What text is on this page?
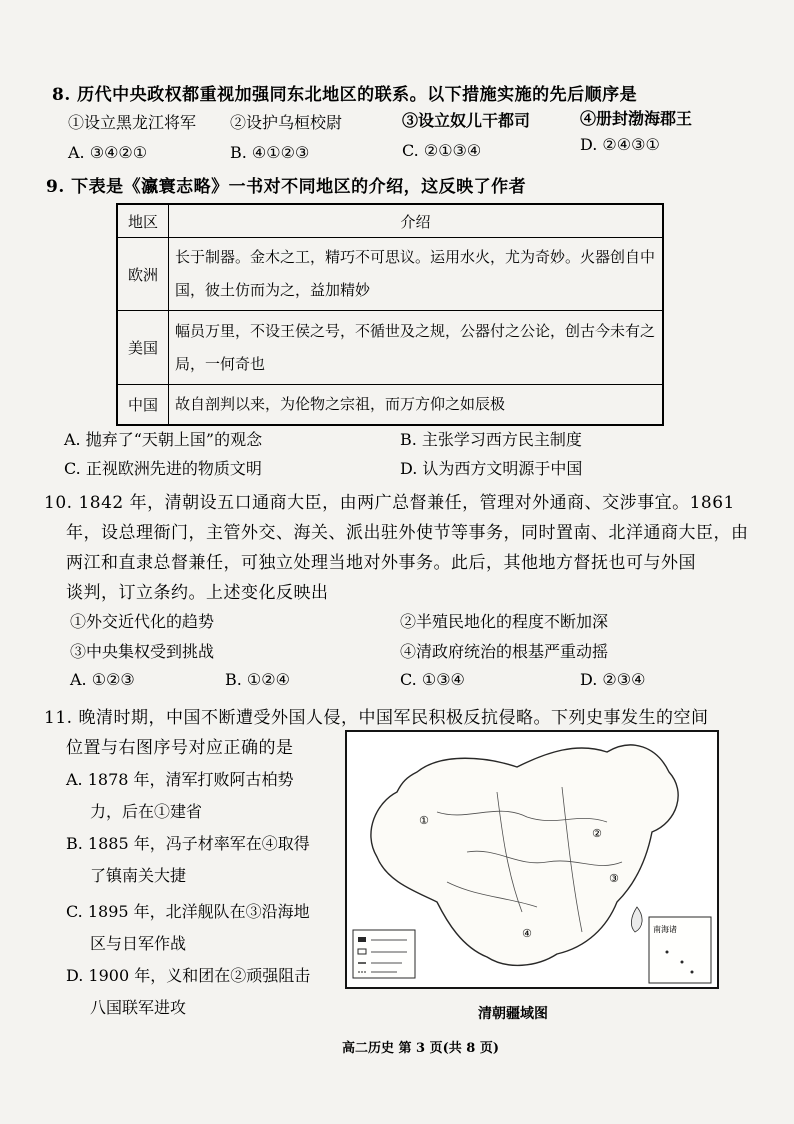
8. 历代中央政权都重视加强同东北地区的联系。以下措施实施的先后顺序是
①设立黑龙江将军 ②设护乌桓校尉	③设立奴儿干都司	④册封渤海郡王
A. ③④②①	B. ④①②③	C. ②①③④	D. ②④③①
9. 下表是《瀛寰志略》一书对不同地区的介绍，这反映了作者
地区	介绍
欧洲	长于制器。金木之工，精巧不可思议。运用水火，尤为奇妙。火器创自中国，彼土仿而为之，益加精妙
美国	幅员万里，不设王侯之号，不循世及之规，公器付之公论，创古今未有之局，一何奇也
中国	故自剖判以来，为伦物之宗祖，而万方仰之如辰极
A. 抛弃了“天朝上国”的观念	B. 主张学习西方民主制度
C. 正视欧洲先进的物质文明	D. 认为西方文明源于中国
10. 1842 年，清朝设五口通商大臣，由两广总督兼任，管理对外通商、交涉事宜。1861
年，设总理衙门，主管外交、海关、派出驻外使节等事务，同时置南、北洋通商大臣，由
两江和直隶总督兼任，可独立处理当地对外事务。此后，其他地方督抚也可与外国
谈判，订立条约。上述变化反映出
①外交近代化的趋势	②半殖民地化的程度不断加深
③中央集权受到挑战	④清政府统治的根基严重动摇
A. ①②③	B. ①②④	C. ①③④	D. ②③④
11. 晚清时期，中国不断遭受外国人侵，中国军民积极反抗侵略。下列史事发生的空间
位置与右图序号对应正确的是
A. 1878 年，清军打败阿古柏势
力，后在①建省
B. 1885 年，冯子材率军在④取得
了镇南关大捷
C. 1895 年，北洋舰队在③沿海地
区与日军作战
D. 1900 年，义和团在②顽强阻击
八国联军进攻
①
②
③
④	南海诸
清朝疆域图
高二历史 第 3 页(共 8 页)
